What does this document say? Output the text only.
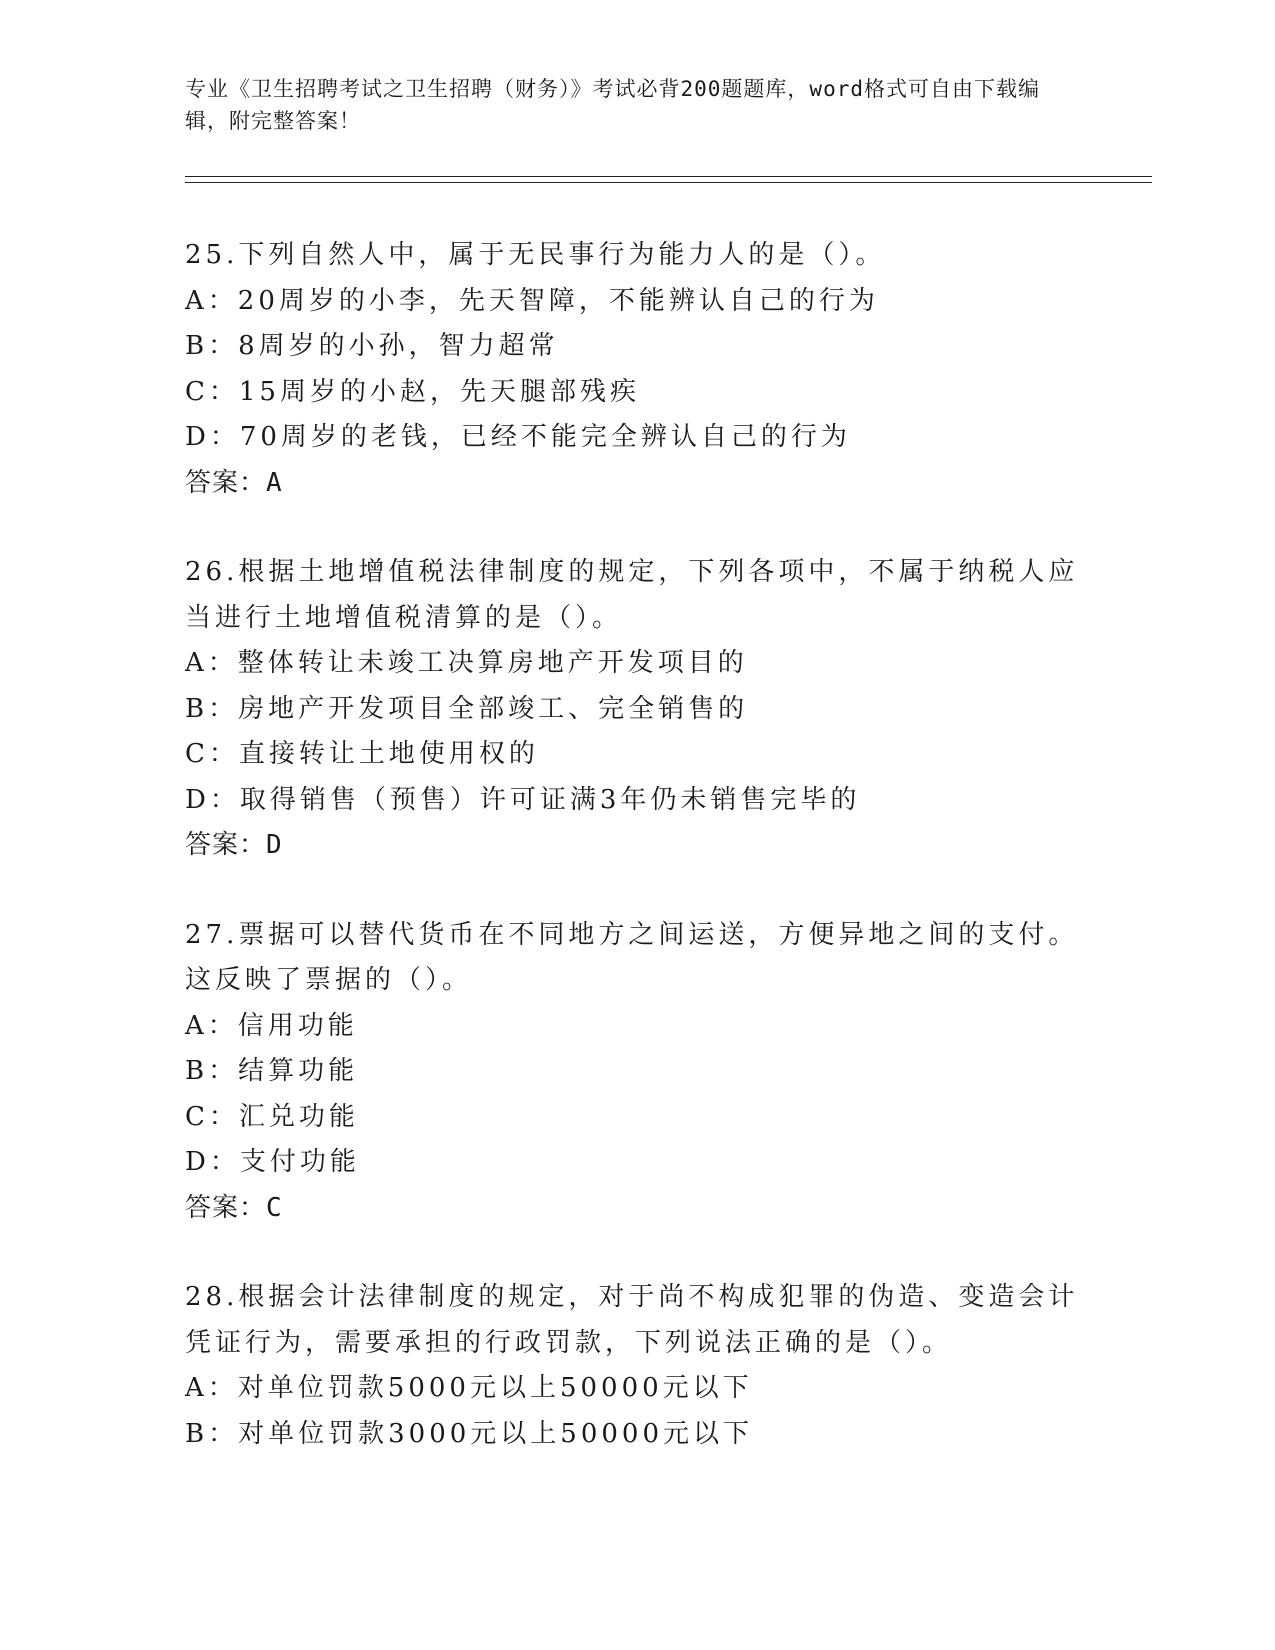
专业《卫生招聘考试之卫生招聘（财务）》考试必背200题题库，word格式可自由下载编辑，附完整答案！

25.下列自然人中，属于无民事行为能力人的是（）。

A：20周岁的小李，先天智障，不能辨认自己的行为

B：8周岁的小孙，智力超常

C：15周岁的小赵，先天腿部残疾

D：70周岁的老钱，已经不能完全辨认自己的行为

答案：A

26.根据土地增值税法律制度的规定，下列各项中，不属于纳税人应当进行土地增值税清算的是（）。

A：整体转让未竣工决算房地产开发项目的

B：房地产开发项目全部竣工、完全销售的

C：直接转让土地使用权的

D：取得销售（预售）许可证满3年仍未销售完毕的

答案：D

27.票据可以替代货币在不同地方之间运送，方便异地之间的支付。这反映了票据的（）。

A：信用功能

B：结算功能

C：汇兑功能

D：支付功能

答案：C

28.根据会计法律制度的规定，对于尚不构成犯罪的伪造、变造会计凭证行为，需要承担的行政罚款，下列说法正确的是（）。

A：对单位罚款5000元以上50000元以下

B：对单位罚款3000元以上50000元以下
